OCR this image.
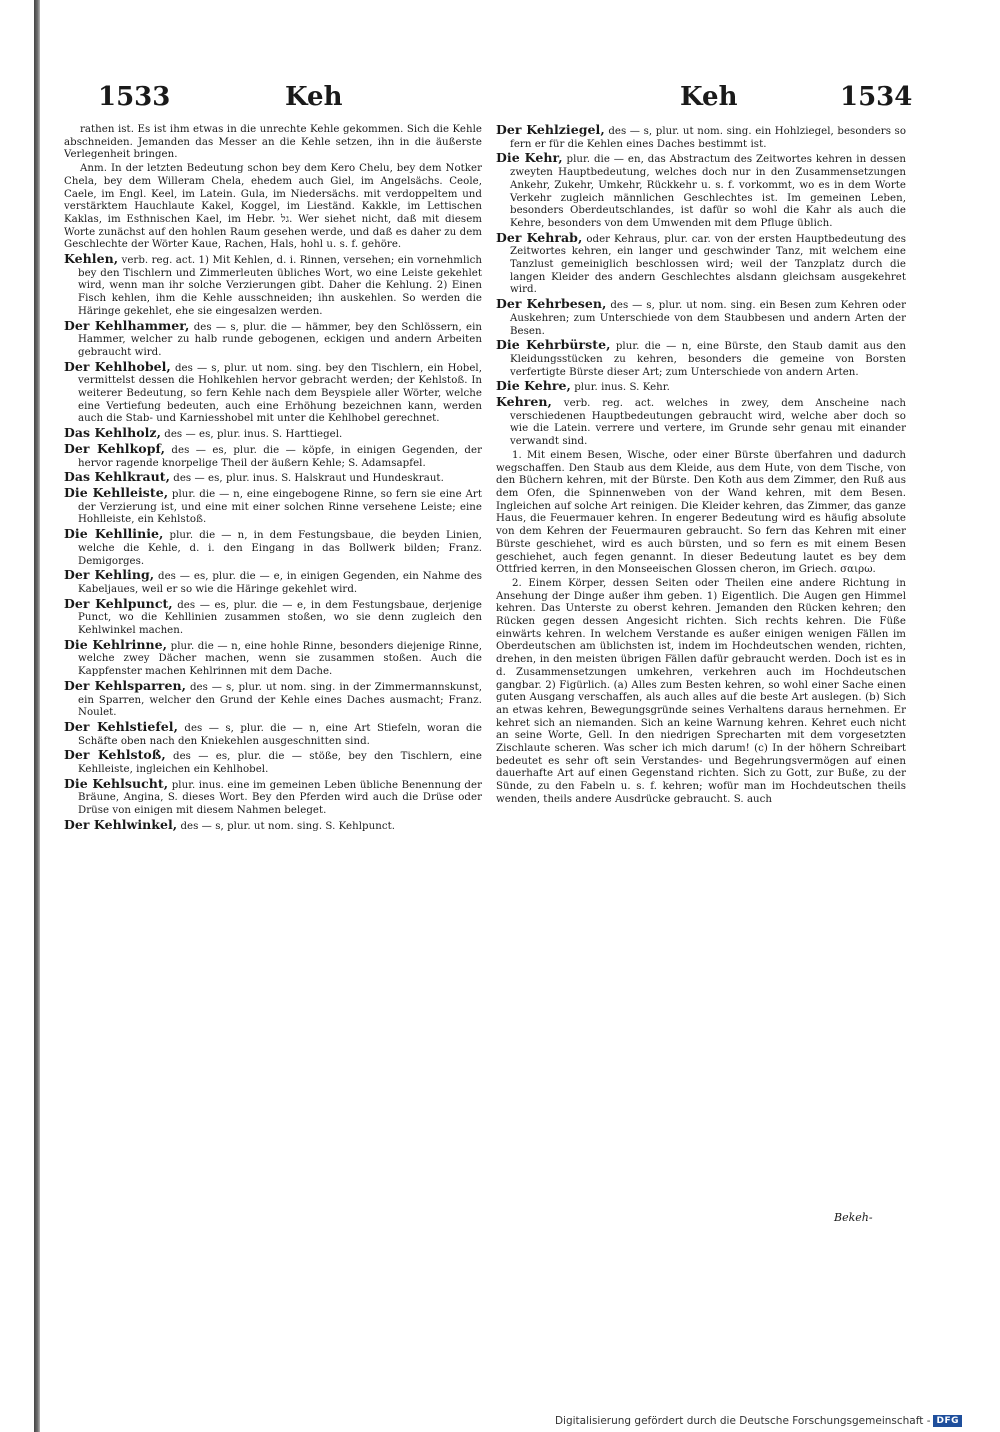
1533	Keh	Keh	1534

rathen ist. Es ist ihm etwas in die unrechte Kehle gekommen. Sich die Kehle abschneiden. Jemanden das Messer an die Kehle setzen, ihn in die äußerste Verlegenheit bringen.

Anm. In der letzten Bedeutung schon bey dem Kero Chelu, bey dem Notker Chela, bey dem Willeram Chela, ehedem auch Giel, im Angelsächs. Ceole, Caele, im Engl. Keel, im Latein. Gula, im Niedersächs. mit verdoppeltem und verstärktem Hauchlaute Kakel, Koggel, im Lieständ. Kakkle, im Lettischen Kaklas, im Esthnischen Kael, im Hebr. גל. Wer siehet nicht, daß mit diesem Worte zunächst auf den hohlen Raum gesehen werde, und daß es daher zu dem Geschlechte der Wörter Kaue, Rachen, Hals, hohl u. s. f. gehöre.

Kehlen, verb. reg. act. 1) Mit Kehlen, d. i. Rinnen, versehen; ein vornehmlich bey den Tischlern und Zimmerleuten übliches Wort, wo eine Leiste gekehlet wird, wenn man ihr solche Verzierungen gibt. Daher die Kehlung. 2) Einen Fisch kehlen, ihm die Kehle ausschneiden; ihn auskehlen. So werden die Häringe gekehlet, ehe sie eingesalzen werden.

Der Kehlhammer, des — s, plur. die — hämmer, bey den Schlössern, ein Hammer, welcher zu halb runde gebogenen, eckigen und andern Arbeiten gebraucht wird.

Der Kehlhobel, des — s, plur. ut nom. sing. bey den Tischlern, ein Hobel, vermittelst dessen die Hohlkehlen hervor gebracht werden; der Kehlstoß. In weiterer Bedeutung, so fern Kehle nach dem Beyspiele aller Wörter, welche eine Vertiefung bedeuten, auch eine Erhöhung bezeichnen kann, werden auch die Stab- und Karniesshobel mit unter die Kehlhobel gerechnet.

Das Kehlholz, des — es, plur. inus. S. Harttiegel.

Der Kehlkopf, des — es, plur. die — köpfe, in einigen Gegenden, der hervor ragende knorpelige Theil der äußern Kehle; S. Adamsapfel.

Das Kehlkraut, des — es, plur. inus. S. Halskraut und Hundeskraut.

Die Kehlleiste, plur. die — n, eine eingebogene Rinne, so fern sie eine Art der Verzierung ist, und eine mit einer solchen Rinne versehene Leiste; eine Hohlleiste, ein Kehlstoß.

Die Kehllinie, plur. die — n, in dem Festungsbaue, die beyden Linien, welche die Kehle, d. i. den Eingang in das Bollwerk bilden; Franz. Demigorges.

Der Kehling, des — es, plur. die — e, in einigen Gegenden, ein Nahme des Kabeljaues, weil er so wie die Häringe gekehlet wird.

Der Kehlpunct, des — es, plur. die — e, in dem Festungsbaue, derjenige Punct, wo die Kehllinien zusammen stoßen, wo sie denn zugleich den Kehlwinkel machen.

Die Kehlrinne, plur. die — n, eine hohle Rinne, besonders diejenige Rinne, welche zwey Dächer machen, wenn sie zusammen stoßen. Auch die Kappfenster machen Kehlrinnen mit dem Dache.

Der Kehlsparren, des — s, plur. ut nom. sing. in der Zimmermannskunst, ein Sparren, welcher den Grund der Kehle eines Daches ausmacht; Franz. Noulet.

Der Kehlstiefel, des — s, plur. die — n, eine Art Stiefeln, woran die Schäfte oben nach den Kniekehlen ausgeschnitten sind.

Der Kehlstoß, des — es, plur. die — stöße, bey den Tischlern, eine Kehlleiste, ingleichen ein Kehlhobel.

Die Kehlsucht, plur. inus. eine im gemeinen Leben übliche Benennung der Bräune, Angina, S. dieses Wort. Bey den Pferden wird auch die Drüse oder Drüse von einigen mit diesem Nahmen beleget.

Der Kehlwinkel, des — s, plur. ut nom. sing. S. Kehlpunct.

Der Kehlziegel, des — s, plur. ut nom. sing. ein Hohlziegel, besonders so fern er für die Kehlen eines Daches bestimmt ist.

Die Kehr, plur. die — en, das Abstractum des Zeitwortes kehren in dessen zweyten Hauptbedeutung, welches doch nur in den Zusammensetzungen Ankehr, Zukehr, Umkehr, Rückkehr u. s. f. vorkommt, wo es in dem Worte Verkehr zugleich männlichen Geschlechtes ist. Im gemeinen Leben, besonders Oberdeutschlandes, ist dafür so wohl die Kahr als auch die Kehre, besonders von dem Umwenden mit dem Pfluge üblich.

Der Kehrab, oder Kehraus, plur. car. von der ersten Hauptbedeutung des Zeitwortes kehren, ein langer und geschwinder Tanz, mit welchem eine Tanzlust gemeiniglich beschlossen wird; weil der Tanzplatz durch die langen Kleider des andern Geschlechtes alsdann gleichsam ausgekehret wird.

Der Kehrbesen, des — s, plur. ut nom. sing. ein Besen zum Kehren oder Auskehren; zum Unterschiede von dem Staubbesen und andern Arten der Besen.

Die Kehrbürste, plur. die — n, eine Bürste, den Staub damit aus den Kleidungsstücken zu kehren, besonders die gemeine von Borsten verfertigte Bürste dieser Art; zum Unterschiede von andern Arten.

Die Kehre, plur. inus. S. Kehr.

Kehren, verb. reg. act. welches in zwey, dem Anscheine nach verschiedenen Hauptbedeutungen gebraucht wird, welche aber doch so wie die Latein. verrere und vertere, im Grunde sehr genau mit einander verwandt sind.

1. Mit einem Besen, Wische, oder einer Bürste überfahren und dadurch wegschaffen. Den Staub aus dem Kleide, aus dem Hute, von dem Tische, von den Büchern kehren, mit der Bürste. Den Koth aus dem Zimmer, den Ruß aus dem Ofen, die Spinnenweben von der Wand kehren, mit dem Besen. Ingleichen auf solche Art reinigen. Die Kleider kehren, das Zimmer, das ganze Haus, die Feuermauer kehren. In engerer Bedeutung wird es häufig absolute von dem Kehren der Feuermauren gebraucht. So fern das Kehren mit einer Bürste geschiehet, wird es auch bürsten, und so fern es mit einem Besen geschiehet, auch fegen genannt. In dieser Bedeutung lautet es bey dem Ottfried kerren, in den Monseeischen Glossen cheron, im Griech. σαιρω.

2. Einem Körper, dessen Seiten oder Theilen eine andere Richtung in Ansehung der Dinge außer ihm geben. 1) Eigentlich. Die Augen gen Himmel kehren. Das Unterste zu oberst kehren. Jemanden den Rücken kehren; den Rücken gegen dessen Angesicht richten. Sich rechts kehren. Die Füße einwärts kehren. In welchem Verstande es außer einigen wenigen Fällen im Oberdeutschen am üblichsten ist, indem im Hochdeutschen wenden, richten, drehen, in den meisten übrigen Fällen dafür gebraucht werden. Doch ist es in d. Zusammensetzungen umkehren, verkehren auch im Hochdeutschen gangbar. 2) Figürlich. (a) Alles zum Besten kehren, so wohl einer Sache einen guten Ausgang verschaffen, als auch alles auf die beste Art auslegen. (b) Sich an etwas kehren, Bewegungsgründe seines Verhaltens daraus hernehmen. Er kehret sich an niemanden. Sich an keine Warnung kehren. Kehret euch nicht an seine Worte, Gell. In den niedrigen Sprecharten mit dem vorgesetzten Zischlaute scheren. Was scher ich mich darum! (c) In der höhern Schreibart bedeutet es sehr oft sein Verstandes- und Begehrungsvermögen auf einen dauerhafte Art auf einen Gegenstand richten. Sich zu Gott, zur Buße, zu der Sünde, zu den Fabeln u. s. f. kehren; wofür man im Hochdeutschen theils wenden, theils andere Ausdrücke gebraucht. S. auch

Bekeh-
Digitalisierung gefördert durch die Deutsche Forschungsgemeinschaft - DFG
